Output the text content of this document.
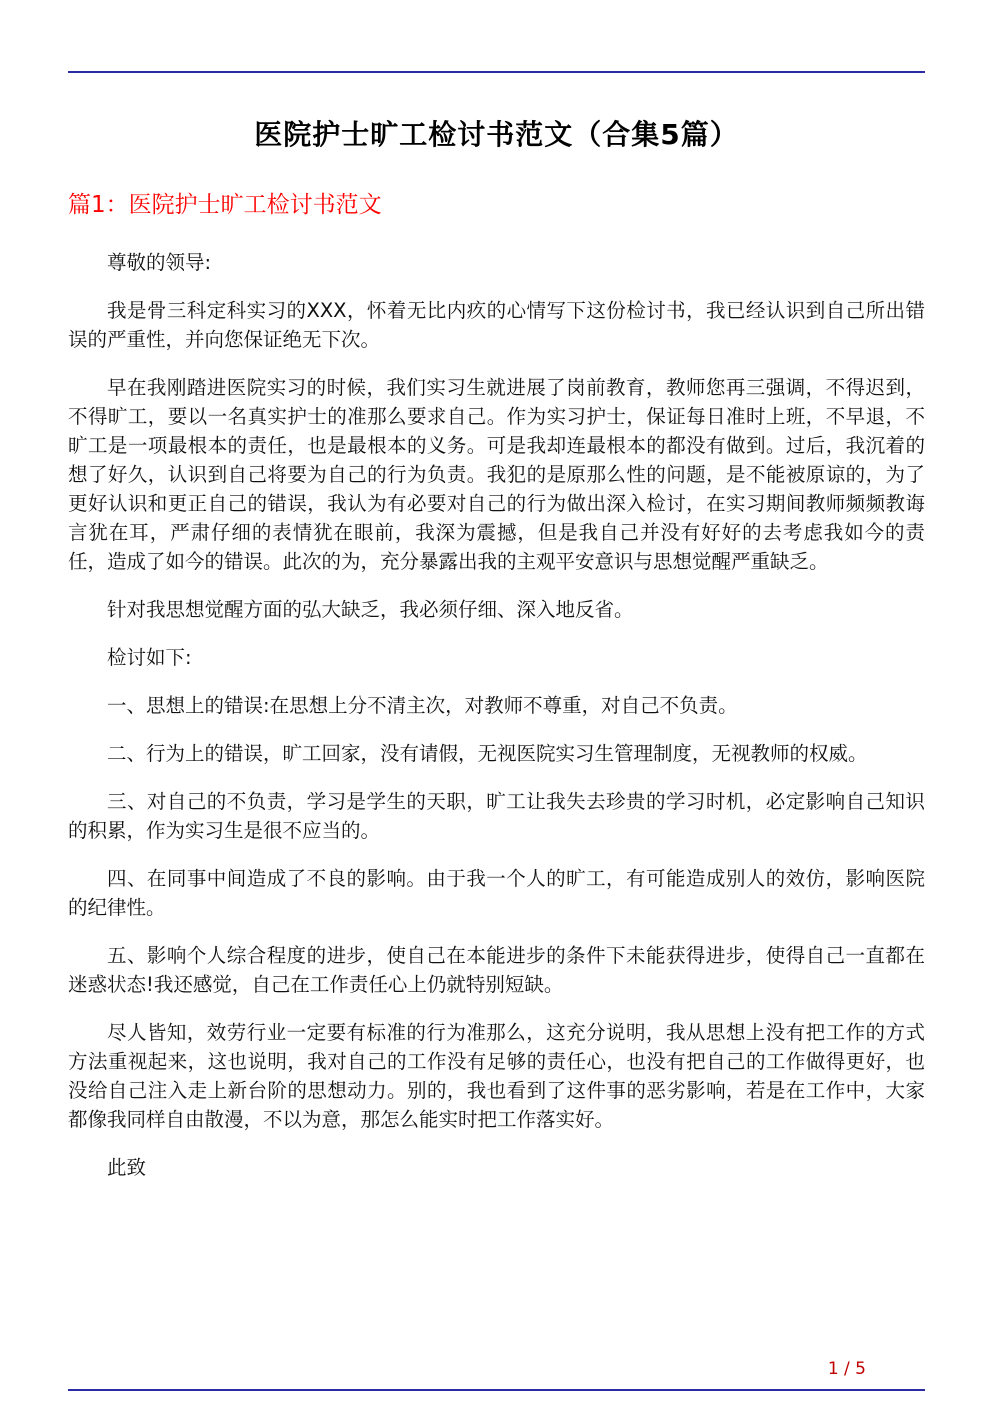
医院护士旷工检讨书范文（合集5篇）
篇1：医院护士旷工检讨书范文

尊敬的领导:

我是骨三科定科实习的XXX，怀着无比内疚的心情写下这份检讨书，我已经认识到自己所出错误的严重性，并向您保证绝无下次。

早在我刚踏进医院实习的时候，我们实习生就进展了岗前教育，教师您再三强调，不得迟到，不得旷工，要以一名真实护士的准那么要求自己。作为实习护士，保证每日准时上班，不早退，不旷工是一项最根本的责任，也是最根本的义务。可是我却连最根本的都没有做到。过后，我沉着的想了好久，认识到自己将要为自己的行为负责。我犯的是原那么性的问题，是不能被原谅的，为了更好认识和更正自己的错误，我认为有必要对自己的行为做出深入检讨，在实习期间教师频频教诲言犹在耳，严肃仔细的表情犹在眼前，我深为震撼，但是我自己并没有好好的去考虑我如今的责任，造成了如今的错误。此次的为，充分暴露出我的主观平安意识与思想觉醒严重缺乏。

针对我思想觉醒方面的弘大缺乏，我必须仔细、深入地反省。

检讨如下:

一、思想上的错误:在思想上分不清主次，对教师不尊重，对自己不负责。

二、行为上的错误，旷工回家，没有请假，无视医院实习生管理制度，无视教师的权威。

三、对自己的不负责，学习是学生的天职，旷工让我失去珍贵的学习时机，必定影响自己知识的积累，作为实习生是很不应当的。

四、在同事中间造成了不良的影响。由于我一个人的旷工，有可能造成别人的效仿，影响医院的纪律性。

五、影响个人综合程度的进步，使自己在本能进步的条件下未能获得进步，使得自己一直都在迷惑状态!我还感觉，自己在工作责任心上仍就特别短缺。

尽人皆知，效劳行业一定要有标准的行为准那么，这充分说明，我从思想上没有把工作的方式方法重视起来，这也说明，我对自己的工作没有足够的责任心，也没有把自己的工作做得更好，也没给自己注入走上新台阶的思想动力。别的，我也看到了这件事的恶劣影响，若是在工作中，大家都像我同样自由散漫，不以为意，那怎么能实时把工作落实好。

此致

1 / 5
